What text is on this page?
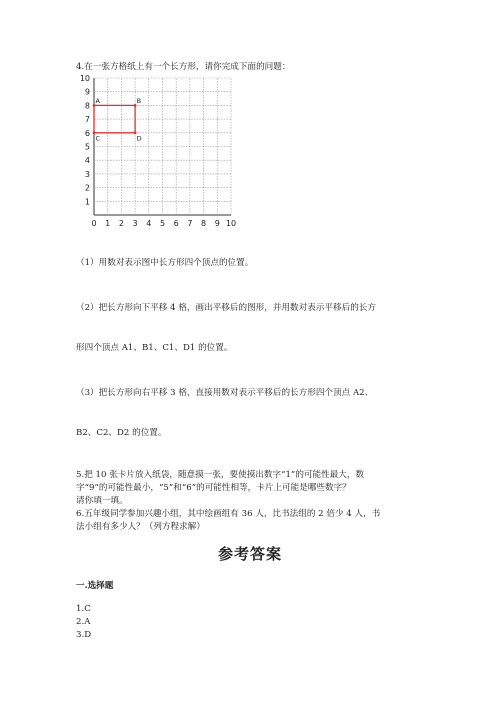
4.在一张方格纸上有一个长方形，请你完成下面的问题：
0 1 2 3 4 5 6 7 8 9 10
1
2
3
4
5
6
7
8
9
10
A	B
D
C
（1）用数对表示图中长方形四个顶点的位置。
（2）把长方形向下平移 4 格，画出平移后的图形，并用数对表示平移后的长方
形四个顶点 A1、B1、C1、D1 的位置。
（3）把长方形向右平移 3 格，直接用数对表示平移后的长方形四个顶点 A2、
B2、C2、D2 的位置。
5.把 10 张卡片放入纸袋，随意摸一张，要使摸出数字“1”的可能性最大，数
字“9”的可能性最小，“5”和“6”的可能性相等，卡片上可能是哪些数字？
请你填一填。
6.五年级同学参加兴趣小组，其中绘画组有 36 人，比书法组的 2 倍少 4 人，书
法小组有多少人？（列方程求解）
参考答案
一.选择题
1.C
2.A
3.D
